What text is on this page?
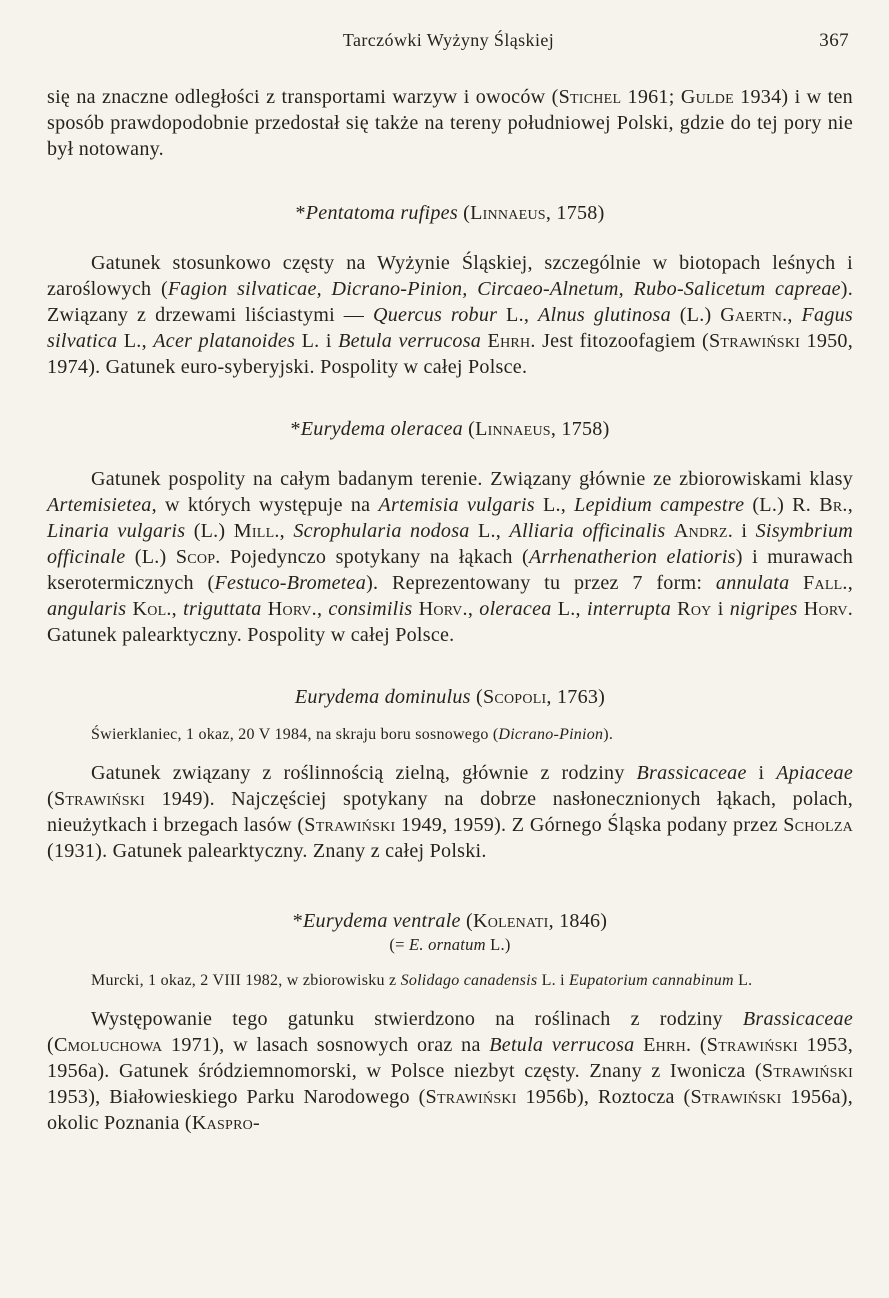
Tarczówki Wyżyny Śląskiej	367

się na znaczne odległości z transportami warzyw i owoców (Stichel 1961; Gulde 1934) i w ten sposób prawdopodobnie przedostał się także na tereny południowej Polski, gdzie do tej pory nie był notowany.

*Pentatoma rufipes (Linnaeus, 1758)

Gatunek stosunkowo częsty na Wyżynie Śląskiej, szczególnie w biotopach leśnych i zaroślowych (Fagion silvaticae, Dicrano-Pinion, Circaeo-Alnetum, Rubo-Salicetum capreae). Związany z drzewami liściastymi — Quercus robur L., Alnus glutinosa (L.) Gaertn., Fagus silvatica L., Acer platanoides L. i Betula verrucosa Ehrh. Jest fitozoofagiem (Strawiński 1950, 1974). Gatunek euro-syberyjski. Pospolity w całej Polsce.

*Eurydema oleracea (Linnaeus, 1758)

Gatunek pospolity na całym badanym terenie. Związany głównie ze zbiorowiskami klasy Artemisietea, w których występuje na Artemisia vulgaris L., Lepidium campestre (L.) R. Br., Linaria vulgaris (L.) Mill., Scrophularia nodosa L., Alliaria officinalis Andrz. i Sisymbrium officinale (L.) Scop. Pojedynczo spotykany na łąkach (Arrhenatherion elatioris) i murawach kserotermicznych (Festuco-Brometea). Reprezentowany tu przez 7 form: annulata Fall., angularis Kol., triguttata Horv., consimilis Horv., oleracea L., interrupta Roy i nigripes Horv. Gatunek palearktyczny. Pospolity w całej Polsce.

Eurydema dominulus (Scopoli, 1763)

Świerklaniec, 1 okaz, 20 V 1984, na skraju boru sosnowego (Dicrano-Pinion).

Gatunek związany z roślinnością zielną, głównie z rodziny Brassicaceae i Apiaceae (Strawiński 1949). Najczęściej spotykany na dobrze nasłonecznionych łąkach, polach, nieużytkach i brzegach lasów (Strawiński 1949, 1959). Z Górnego Śląska podany przez Scholza (1931). Gatunek palearktyczny. Znany z całej Polski.

*Eurydema ventrale (Kolenati, 1846)
(= E. ornatum L.)

Murcki, 1 okaz, 2 VIII 1982, w zbiorowisku z Solidago canadensis L. i Eupatorium cannabinum L.

Występowanie tego gatunku stwierdzono na roślinach z rodziny Brassicaceae (Cmoluchowa 1971), w lasach sosnowych oraz na Betula verrucosa Ehrh. (Strawiński 1953, 1956a). Gatunek śródziemnomorski, w Polsce niezbyt częsty. Znany z Iwonicza (Strawiński 1953), Białowieskiego Parku Narodowego (Strawiński 1956b), Roztocza (Strawiński 1956a), okolic Poznania (Kaspro-
